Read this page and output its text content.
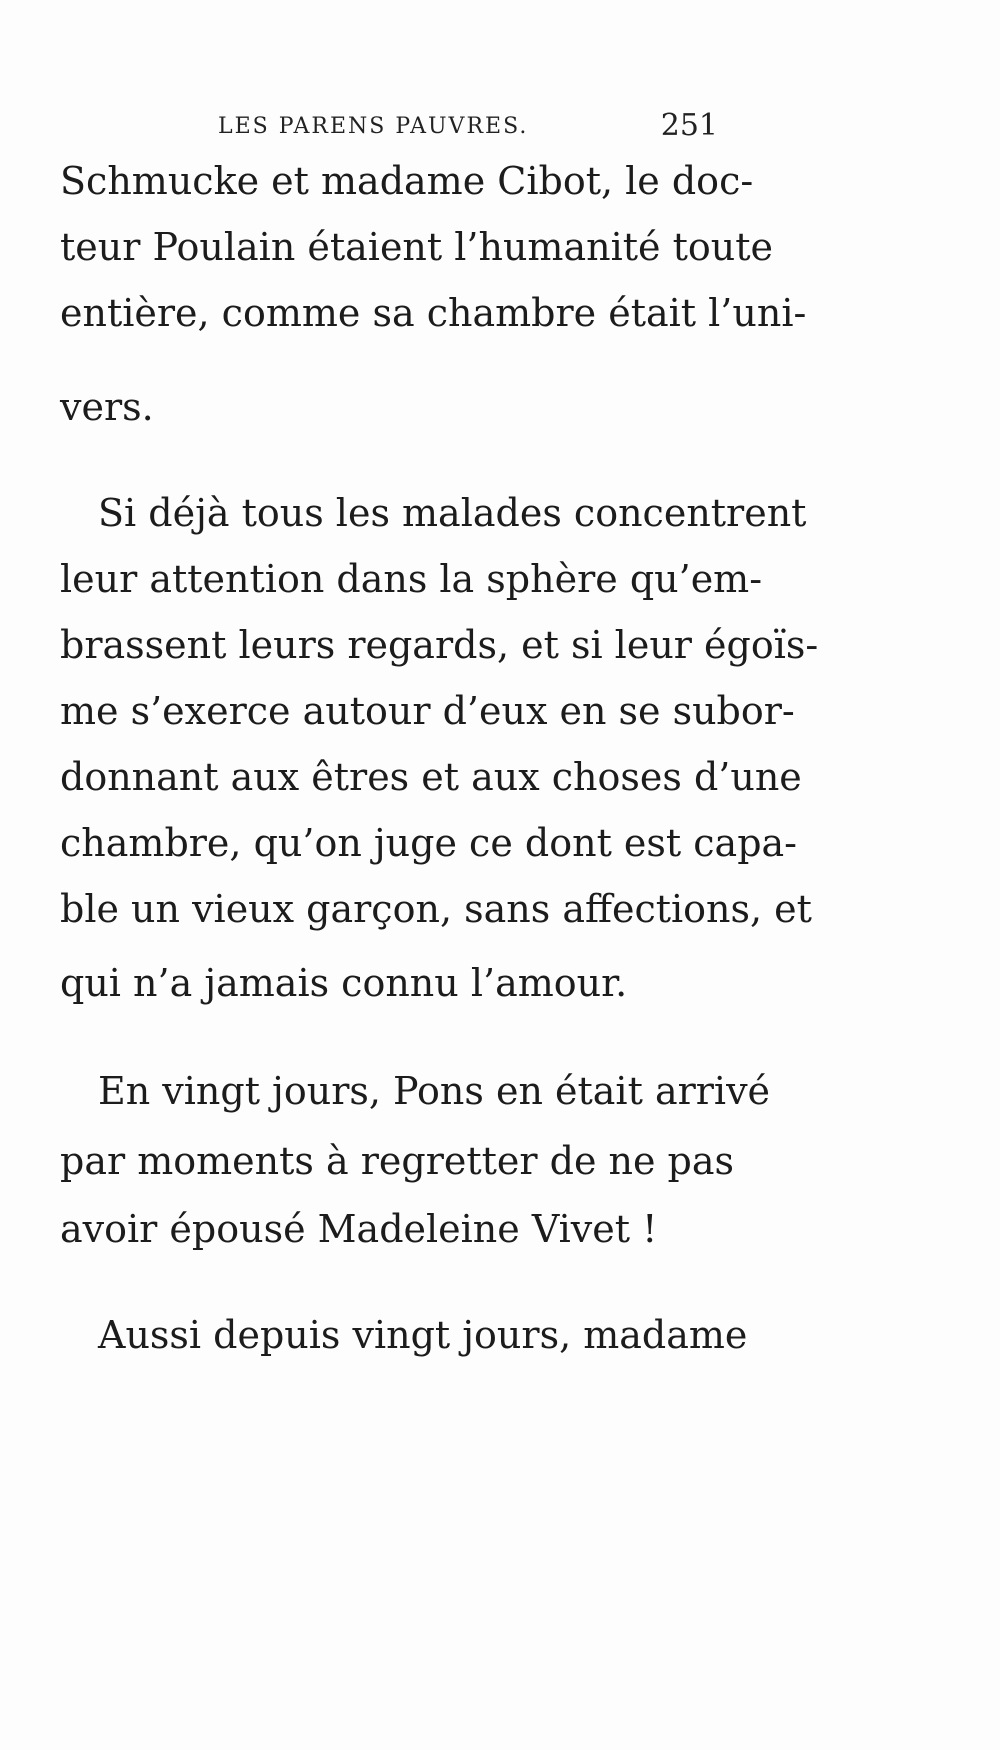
LES PARENS PAUVRES.	251
Schmucke et madame Cibot, le doc-
teur Poulain étaient l’humanité toute
entière, comme sa chambre était l’uni-
vers.
Si déjà tous les malades concentrent
leur attention dans la sphère qu’em-
brassent leurs regards, et si leur égoïs-
me s’exerce autour d’eux en se subor-
donnant aux êtres et aux choses d’une
chambre, qu’on juge ce dont est capa-
ble un vieux garçon, sans affections, et
qui n’a jamais connu l’amour.
En vingt jours, Pons en était arrivé
par moments à regretter de ne pas
avoir épousé Madeleine Vivet !
Aussi depuis vingt jours, madame
